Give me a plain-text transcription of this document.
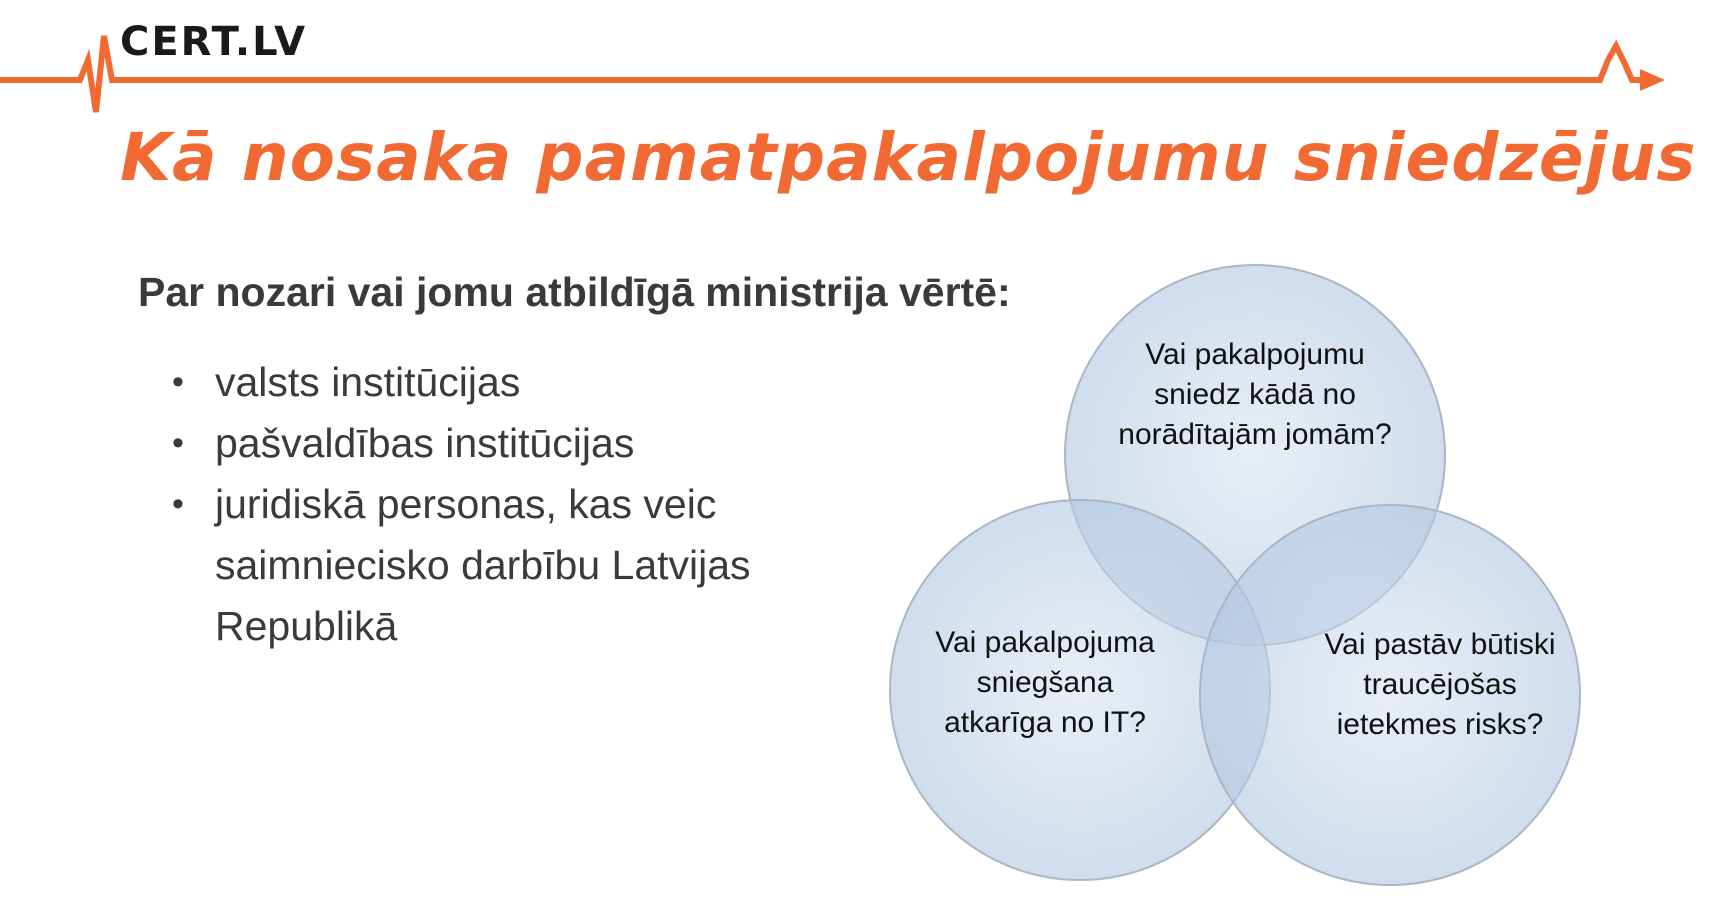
CERT.LV

Kā nosaka pamatpakalpojumu sniedzējus

Par nozari vai jomu atbildīgā ministrija vērtē:

• valsts institūcijas
• pašvaldības institūcijas
• juridiskā personas, kas veic saimniecisko darbību Latvijas Republikā

Vai pakalpojumu sniedz kādā no norādītajām jomām?

Vai pakalpojuma sniegšana atkarīga no IT?

Vai pastāv būtiski traucējošas ietekmes risks?
